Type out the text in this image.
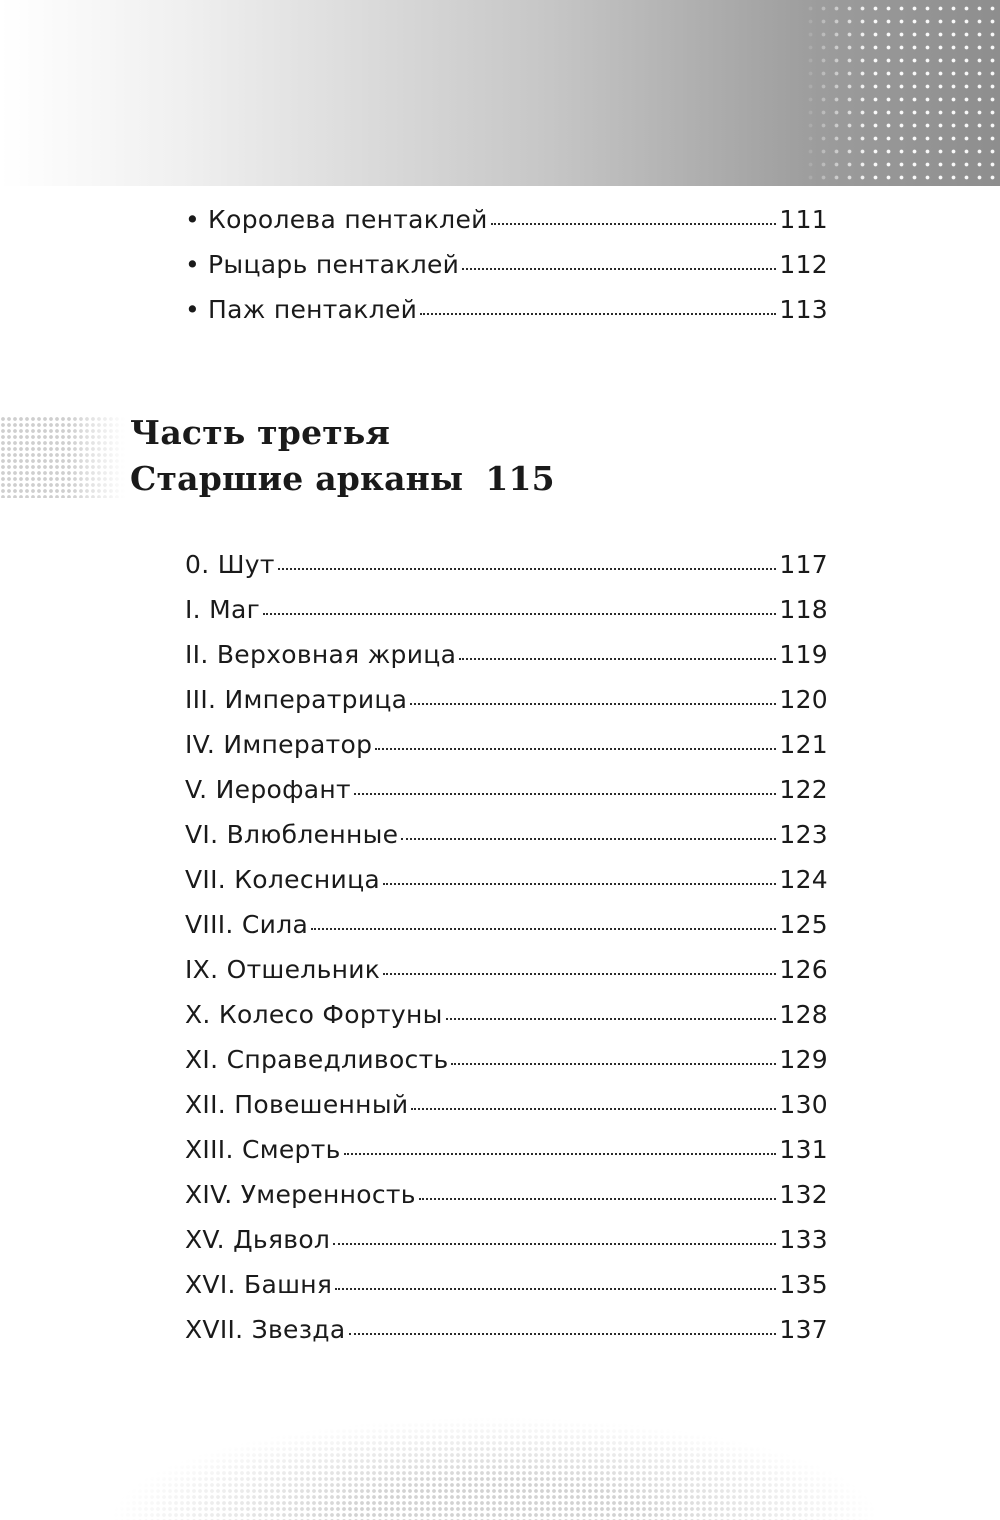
• Королева пентаклей	111
• Рыцарь пентаклей	112
• Паж пентаклей	113
Часть третья
Старшие арканы 115
0. Шут	117
I. Маг	118
II. Верховная жрица	119
III. Императрица	120
IV. Император	121
V. Иерофант	122
VI. Влюбленные	123
VII. Колесница	124
VIII. Сила	125
IX. Отшельник	126
X. Колесо Фортуны	128
XI. Справедливость	129
XII. Повешенный	130
XIII. Смерть	131
XIV. Умеренность	132
XV. Дьявол	133
XVI. Башня	135
XVII. Звезда	137
